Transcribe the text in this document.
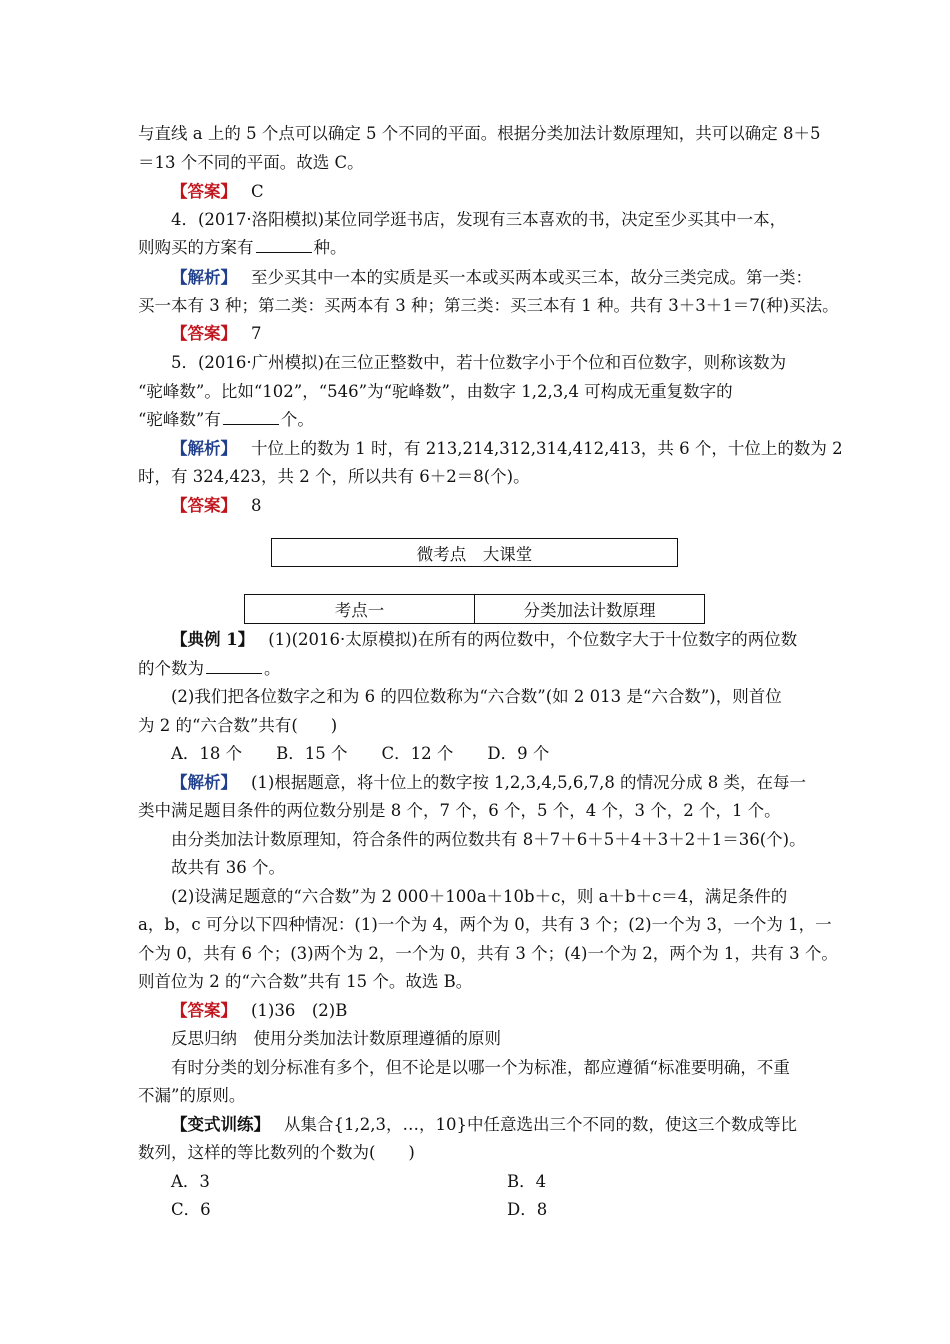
与直线 a 上的 5 个点可以确定 5 个不同的平面。根据分类加法计数原理知，共可以确定 8＋5
＝13 个不同的平面。故选 C。
【答案】 C
4．(2017·洛阳模拟)某位同学逛书店，发现有三本喜欢的书，决定至少买其中一本，
则购买的方案有	种。
【解析】 至少买其中一本的实质是买一本或买两本或买三本，故分三类完成。第一类：
买一本有 3 种；第二类：买两本有 3 种；第三类：买三本有 1 种。共有 3＋3＋1＝7(种)买法。
【答案】 7
5．(2016·广州模拟)在三位正整数中，若十位数字小于个位和百位数字，则称该数为
“驼峰数”。比如“102”，“546”为“驼峰数”，由数字 1,2,3,4 可构成无重复数字的
“驼峰数”有	个。
【解析】 十位上的数为 1 时，有 213,214,312,314,412,413，共 6 个，十位上的数为 2
时，有 324,423，共 2 个，所以共有 6＋2＝8(个)。
【答案】 8
微考点　大课堂
考点一	分类加法计数原理
【典例 1】 (1)(2016·太原模拟)在所有的两位数中，个位数字大于十位数字的两位数
的个数为	。
(2)我们把各位数字之和为 6 的四位数称为“六合数”(如 2 013 是“六合数”)，则首位
为 2 的“六合数”共有(　　)
A．18 个 B．15 个 C．12 个 D．9 个
【解析】 (1)根据题意，将十位上的数字按 1,2,3,4,5,6,7,8 的情况分成 8 类，在每一
类中满足题目条件的两位数分别是 8 个，7 个，6 个，5 个，4 个，3 个，2 个，1 个。
由分类加法计数原理知，符合条件的两位数共有 8＋7＋6＋5＋4＋3＋2＋1＝36(个)。
故共有 36 个。
(2)设满足题意的“六合数”为 2 000＋100a＋10b＋c，则 a＋b＋c＝4，满足条件的
a，b，c 可分以下四种情况：(1)一个为 4，两个为 0，共有 3 个；(2)一个为 3，一个为 1，一
个为 0，共有 6 个；(3)两个为 2，一个为 0，共有 3 个；(4)一个为 2，两个为 1，共有 3 个。
则首位为 2 的“六合数”共有 15 个。故选 B。
【答案】 (1)36　(2)B
反思归纳　使用分类加法计数原理遵循的原则
有时分类的划分标准有多个，但不论是以哪一个为标准，都应遵循“标准要明确，不重
不漏”的原则。
【变式训练】 从集合{1,2,3，…，10}中任意选出三个不同的数，使这三个数成等比
数列，这样的等比数列的个数为(　　)
A．3	B．4
C．6	D．8
